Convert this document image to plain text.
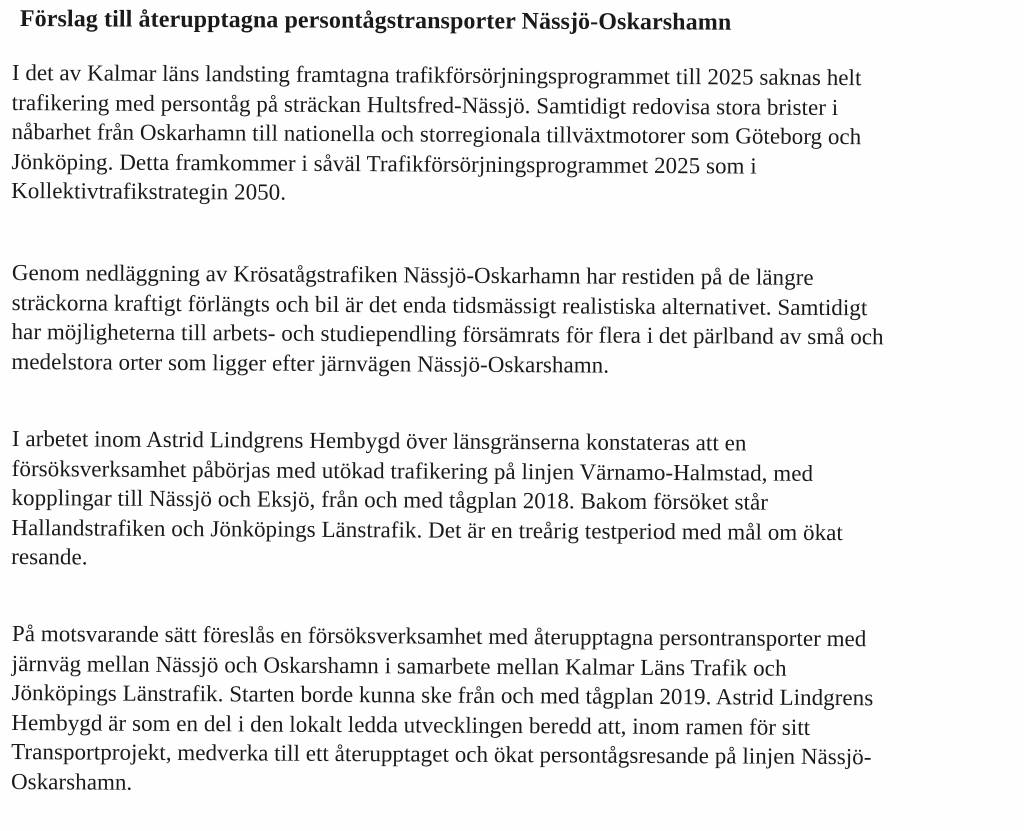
Förslag till återupptagna persontågstransporter Nässjö-Oskarshamn

I det av Kalmar läns landsting framtagna trafikförsörjningsprogrammet till 2025 saknas helt
trafikering med persontåg på sträckan Hultsfred-Nässjö. Samtidigt redovisa stora brister i
nåbarhet från Oskarhamn till nationella och storregionala tillväxtmotorer som Göteborg och
Jönköping. Detta framkommer i såväl Trafikförsörjningsprogrammet 2025 som i
Kollektivtrafikstrategin 2050.

Genom nedläggning av Krösatågstrafiken Nässjö-Oskarhamn har restiden på de längre
sträckorna kraftigt förlängts och bil är det enda tidsmässigt realistiska alternativet. Samtidigt
har möjligheterna till arbets- och studiependling försämrats för flera i det pärlband av små och
medelstora orter som ligger efter järnvägen Nässjö-Oskarshamn.

I arbetet inom Astrid Lindgrens Hembygd över länsgränserna konstateras att en
försöksverksamhet påbörjas med utökad trafikering på linjen Värnamo-Halmstad, med
kopplingar till Nässjö och Eksjö, från och med tågplan 2018. Bakom försöket står
Hallandstrafiken och Jönköpings Länstrafik. Det är en treårig testperiod med mål om ökat
resande.

På motsvarande sätt föreslås en försöksverksamhet med återupptagna persontransporter med
järnväg mellan Nässjö och Oskarshamn i samarbete mellan Kalmar Läns Trafik och
Jönköpings Länstrafik. Starten borde kunna ske från och med tågplan 2019. Astrid Lindgrens
Hembygd är som en del i den lokalt ledda utvecklingen beredd att, inom ramen för sitt
Transportprojekt, medverka till ett återupptaget och ökat persontågsresande på linjen Nässjö-
Oskarshamn.
